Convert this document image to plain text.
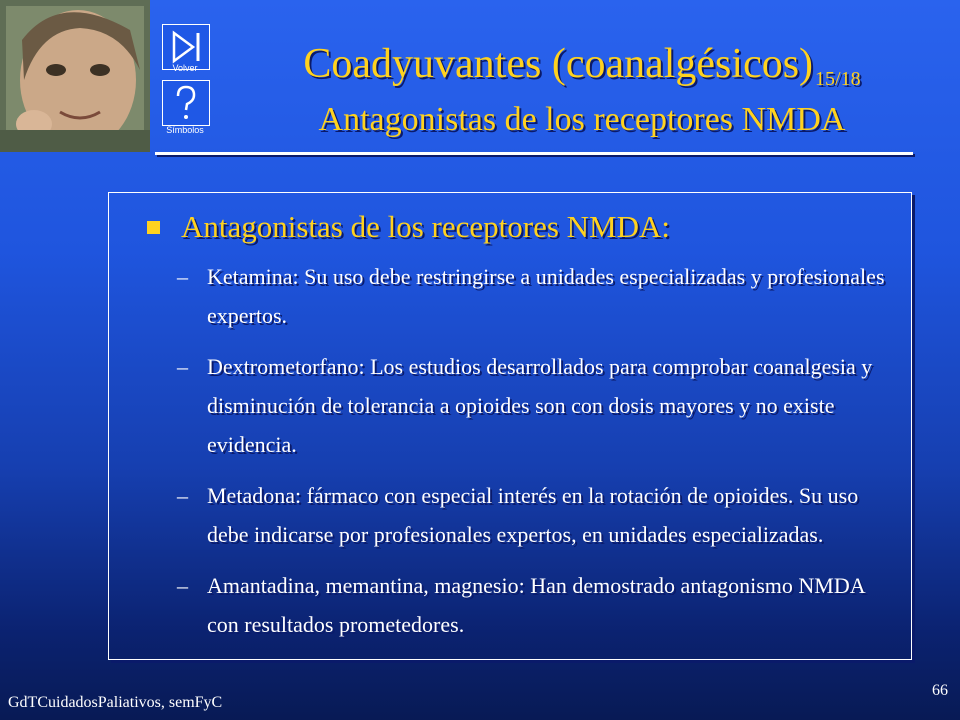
Volver
Símbolos
Coadyuvantes (coanalgésicos) 15/18
Antagonistas de los receptores NMDA
Antagonistas de los receptores NMDA:
– Ketamina: Su uso debe restringirse a unidades especializadas y profesionales expertos.

– Dextrometorfano: Los estudios desarrollados para comprobar coanalgesia y disminución de tolerancia a opioides son con dosis mayores y no existe evidencia.

– Metadona: fármaco con especial interés en la rotación de opioides. Su uso debe indicarse por profesionales expertos, en unidades especializadas.

– Amantadina, memantina, magnesio: Han demostrado antagonismo NMDA con resultados prometedores.

GdTCuidadosPaliativos, semFyC
66
